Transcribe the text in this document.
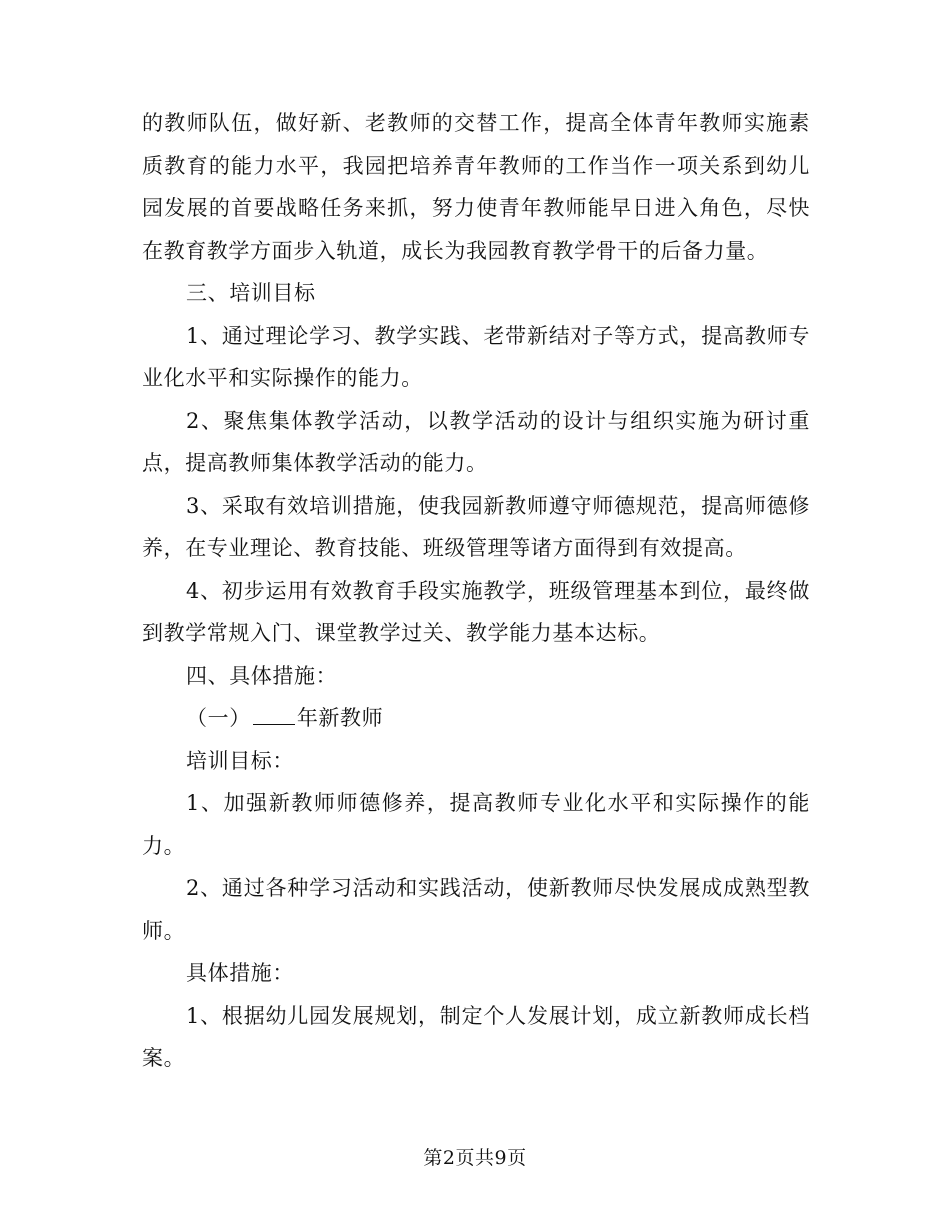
的教师队伍，做好新、老教师的交替工作，提高全体青年教师实施素质教育的能力水平，我园把培养青年教师的工作当作一项关系到幼儿园发展的首要战略任务来抓，努力使青年教师能早日进入角色，尽快在教育教学方面步入轨道，成长为我园教育教学骨干的后备力量。

三、培训目标

1、通过理论学习、教学实践、老带新结对子等方式，提高教师专业化水平和实际操作的能力。

2、聚焦集体教学活动，以教学活动的设计与组织实施为研讨重点，提高教师集体教学活动的能力。

3、采取有效培训措施，使我园新教师遵守师德规范，提高师德修养，在专业理论、教育技能、班级管理等诸方面得到有效提高。

4、初步运用有效教育手段实施教学，班级管理基本到位，最终做到教学常规入门、课堂教学过关、教学能力基本达标。

四、具体措施：

（一） 年新教师

培训目标：

1、加强新教师师德修养，提高教师专业化水平和实际操作的能力。

2、通过各种学习活动和实践活动，使新教师尽快发展成成熟型教师。

具体措施：

1、根据幼儿园发展规划，制定个人发展计划，成立新教师成长档案。

第2页共9页
